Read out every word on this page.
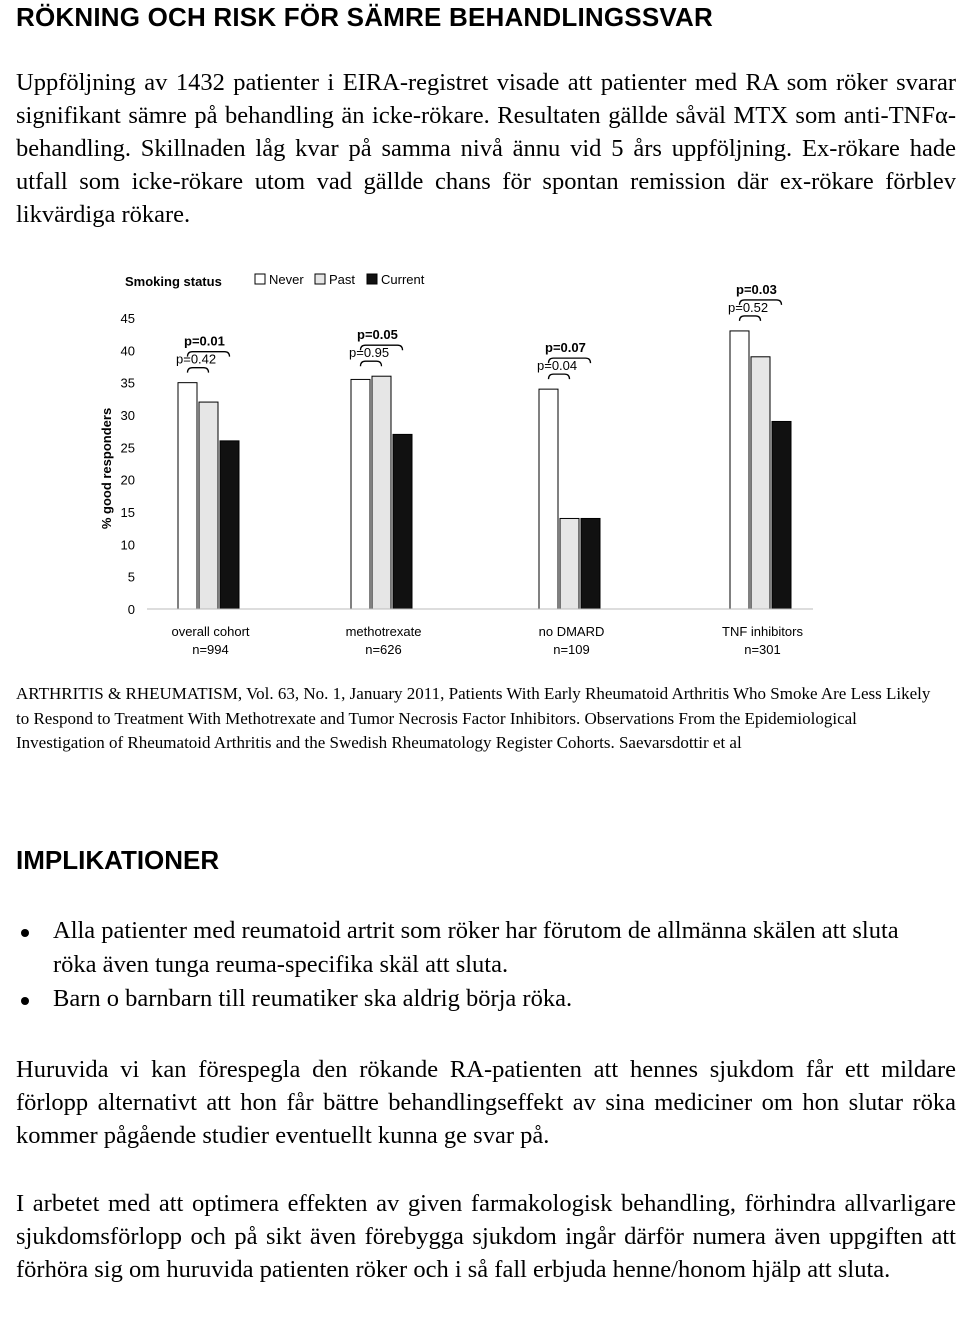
RÖKNING OCH RISK FÖR SÄMRE BEHANDLINGSSVAR

Uppföljning av 1432 patienter i EIRA-registret visade att patienter med RA som röker svarar signifikant sämre på behandling än icke-rökare. Resultaten gällde såväl MTX som anti-TNFα- behandling. Skillnaden låg kvar på samma nivå ännu vid 5 års uppföljning. Ex-rökare hade utfall som icke-rökare utom vad gällde chans för spontan remission där ex-rökare förblev likvärdiga rökare.

Smoking status	Never Past Current
0
5
10
15
20
25
30
35
40
45
% good responders
p=0.42
p=0.01
p=0.95
p=0.05
p=0.04
p=0.07
p=0.52
p=0.03
overall cohort
n=994
methotrexate
n=626
no DMARD
n=109
TNF inhibitors
n=301

ARTHRITIS & RHEUMATISM, Vol. 63, No. 1, January 2011, Patients With Early Rheumatoid Arthritis Who Smoke Are Less Likely to Respond to Treatment With Methotrexate and Tumor Necrosis Factor Inhibitors. Observations From the Epidemiological Investigation of Rheumatoid Arthritis and the Swedish Rheumatology Register Cohorts. Saevarsdottir et al

IMPLIKATIONER
Alla patienter med reumatoid artrit som röker har förutom de allmänna skälen att sluta röka även tunga reuma-specifika skäl att sluta.
Barn o barnbarn till reumatiker ska aldrig börja röka.

Huruvida vi kan förespegla den rökande RA-patienten att hennes sjukdom får ett mildare förlopp alternativt att hon får bättre behandlingseffekt av sina mediciner om hon slutar röka kommer pågående studier eventuellt kunna ge svar på.

I arbetet med att optimera effekten av given farmakologisk behandling, förhindra allvarligare sjukdomsförlopp och på sikt även förebygga sjukdom ingår därför numera även uppgiften att förhöra sig om huruvida patienten röker och i så fall erbjuda henne/honom hjälp att sluta.
